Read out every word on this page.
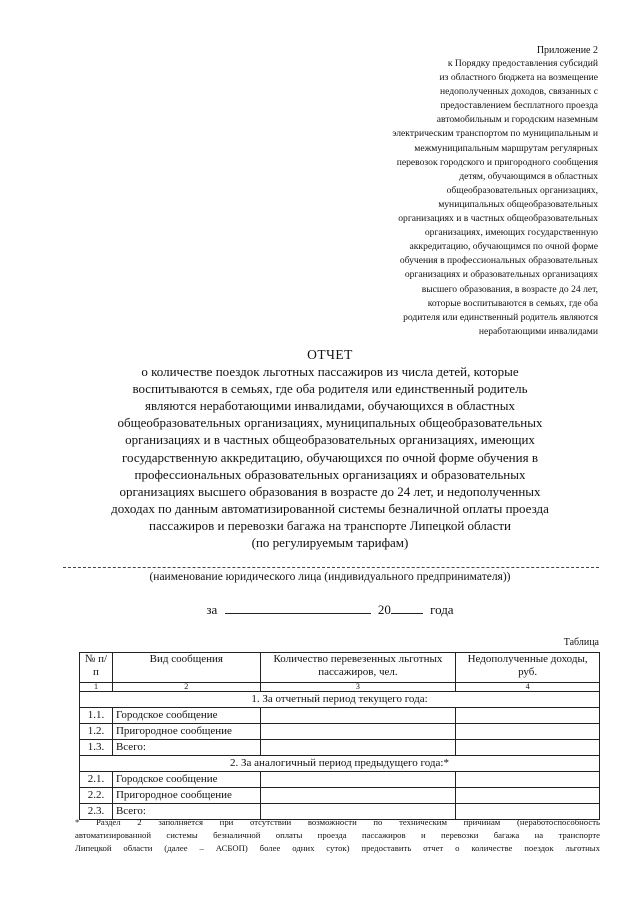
Приложение 2
к Порядку предоставления субсидий
из областного бюджета на возмещение
недополученных доходов, связанных с
предоставлением бесплатного проезда
автомобильным и городским наземным
электрическим транспортом по муниципальным и
межмуниципальным маршрутам регулярных
перевозок городского и пригородного сообщения
детям, обучающимся в областных
общеобразовательных организациях,
муниципальных общеобразовательных
организациях и в частных общеобразовательных
организациях, имеющих государственную
аккредитацию, обучающимся по очной форме
обучения в профессиональных образовательных
организациях и образовательных организациях
высшего образования, в возрасте до 24 лет,
которые воспитываются в семьях, где оба
родителя или единственный родитель являются
неработающими инвалидами
ОТЧЕТ
о количестве поездок льготных пассажиров из числа детей, которые
воспитываются в семьях, где оба родителя или единственный родитель
являются неработающими инвалидами, обучающихся в областных
общеобразовательных организациях, муниципальных общеобразовательных
организациях и в частных общеобразовательных организациях, имеющих
государственную аккредитацию, обучающихся по очной форме обучения в
профессиональных образовательных организациях и образовательных
организациях высшего образования в возрасте до 24 лет, и недополученных
доходах по данным автоматизированной системы безналичной оплаты проезда
пассажиров и перевозки багажа на транспорте Липецкой области
(по регулируемым тарифам)
(наименование юридического лица (индивидуального предпринимателя))
за	20	года
Таблица
№ п/п	Вид сообщения	Количество перевезенных льготных пассажиров, чел.	Недополученные доходы, руб.
1	2	3	4
1. За отчетный период текущего года:			
1.1.	Городское сообщение		
1.2.	Пригородное сообщение		
1.3.	Всего:		
2. За аналогичный период предыдущего года:*			
2.1.	Городское сообщение		
2.2.	Пригородное сообщение		
2.3.	Всего:		
* Раздел 2 заполняется при отсутствии возможности по техническим причинам (неработоспособность
автоматизированной системы безналичной оплаты проезда пассажиров и перевозки багажа на транспорте
Липецкой области (далее – АСБОП) более одних суток) предоставить отчет о количестве поездок льготных
